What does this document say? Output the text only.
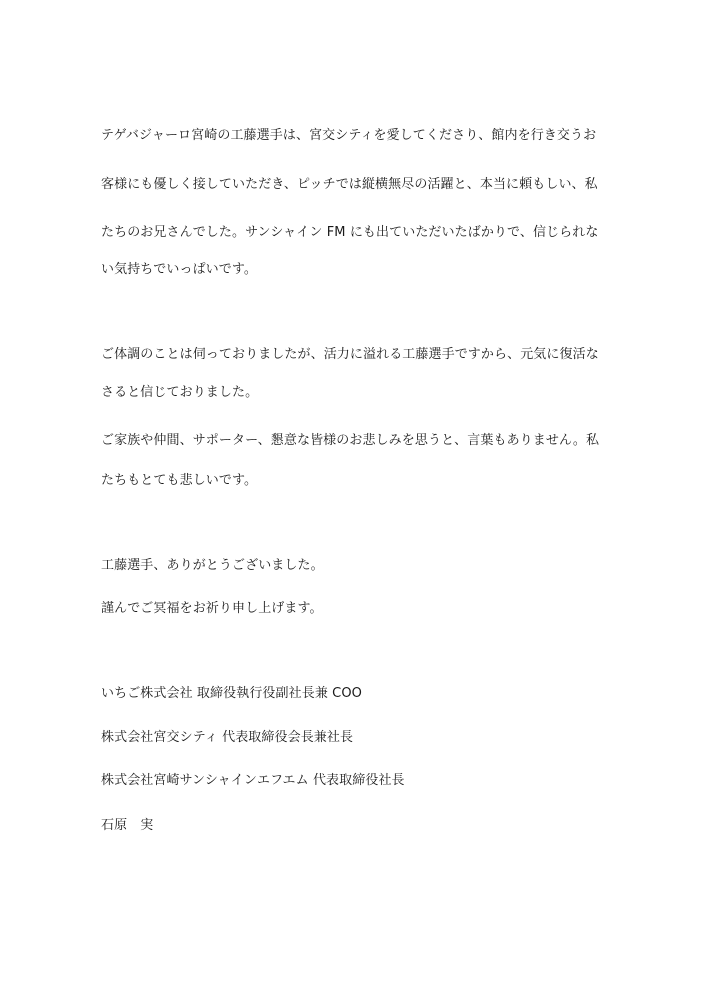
テゲバジャーロ宮崎の工藤選手は、宮交シティを愛してくださり、館内を行き交うお

客様にも優しく接していただき、ピッチでは縦横無尽の活躍と、本当に頼もしい、私

たちのお兄さんでした。サンシャイン FM にも出ていただいたばかりで、信じられな

い気持ちでいっぱいです。

ご体調のことは伺っておりましたが、活力に溢れる工藤選手ですから、元気に復活な

さると信じておりました。

ご家族や仲間、サポーター、懇意な皆様のお悲しみを思うと、言葉もありません。私

たちもとても悲しいです。

工藤選手、ありがとうございました。

謹んでご冥福をお祈り申し上げます。

いちご株式会社 取締役執行役副社長兼 COO

株式会社宮交シティ 代表取締役会長兼社長

株式会社宮崎サンシャインエフエム 代表取締役社長

石原　実
